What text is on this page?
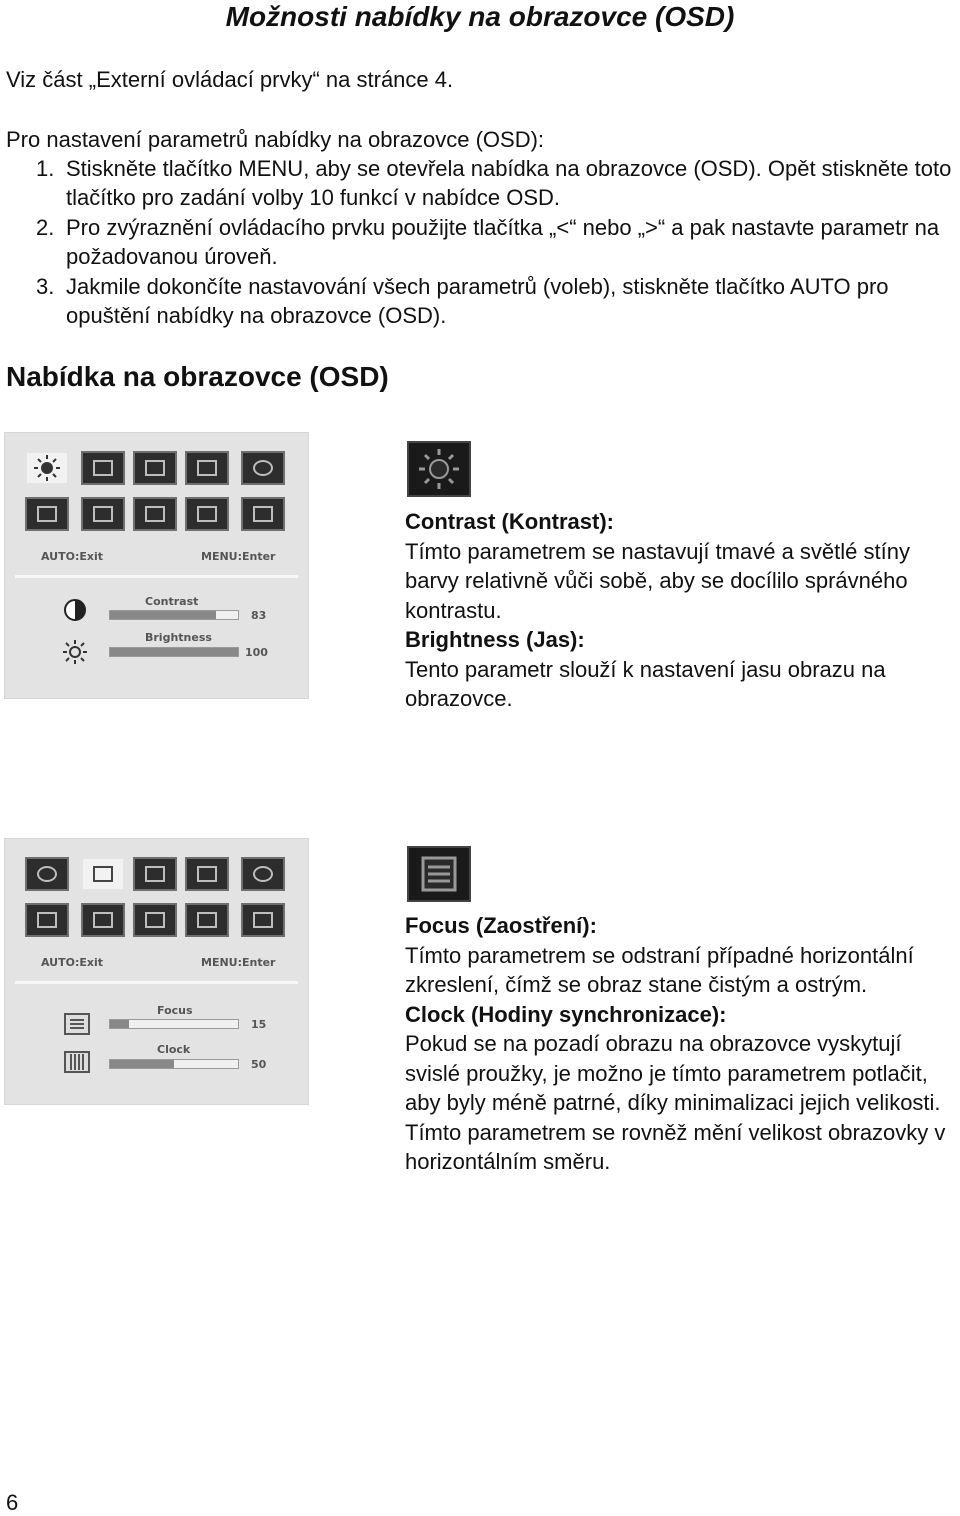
Možnosti nabídky na obrazovce (OSD)
Viz část „Externí ovládací prvky“ na stránce 4.
Pro nastavení parametrů nabídky na obrazovce (OSD):
1. Stiskněte tlačítko MENU, aby se otevřela nabídka na obrazovce (OSD). Opět stiskněte toto tlačítko pro zadání volby 10 funkcí v nabídce OSD.
2. Pro zvýraznění ovládacího prvku použijte tlačítka „<“ nebo „>“ a pak nastavte parametr na požadovanou úroveň.
3. Jakmile dokončíte nastavování všech parametrů (voleb), stiskněte tlačítko AUTO pro opuštění nabídky na obrazovce (OSD).
Nabídka na obrazovce (OSD)
AUTO:Exit	MENU:Enter
Contrast
83
Brightness
100
Contrast (Kontrast):
Tímto parametrem se nastavují tmavé a světlé stíny barvy relativně vůči sobě, aby se docílilo správného kontrastu.
Brightness (Jas):
Tento parametr slouží k nastavení jasu obrazu na obrazovce.
AUTO:Exit	MENU:Enter
Focus
15
Clock
50
Focus (Zaostření):
Tímto parametrem se odstraní případné horizontální zkreslení, čímž se obraz stane čistým a ostrým.
Clock (Hodiny synchronizace):
Pokud se na pozadí obrazu na obrazovce vyskytují svislé proužky, je možno je tímto parametrem potlačit, aby byly méně patrné, díky minimalizaci jejich velikosti. Tímto parametrem se rovněž mění velikost obrazovky v horizontálním směru.
6
